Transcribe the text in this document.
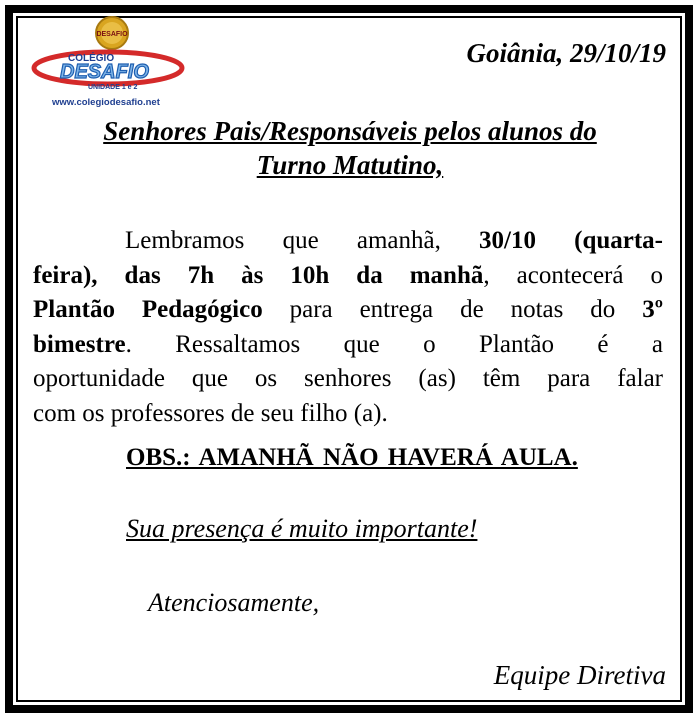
DESAFIO
COLÉGIO
DESAFIO
UNIDADE 1 e 2
www.colegiodesafio.net
Goiânia, 29/10/19
Senhores Pais/Responsáveis pelos alunos do
Turno Matutino,
Lembramos que amanhã, 30/10 (quarta-
feira), das 7h às 10h da manhã, acontecerá o
Plantão Pedagógico para entrega de notas do 3º
bimestre. Ressaltamos que o Plantão é a
oportunidade que os senhores (as) têm para falar
com os professores de seu filho (a).
OBS.: AMANHÃ NÃO HAVERÁ AULA.
Sua presença é muito importante!
Atenciosamente,
Equipe Diretiva
